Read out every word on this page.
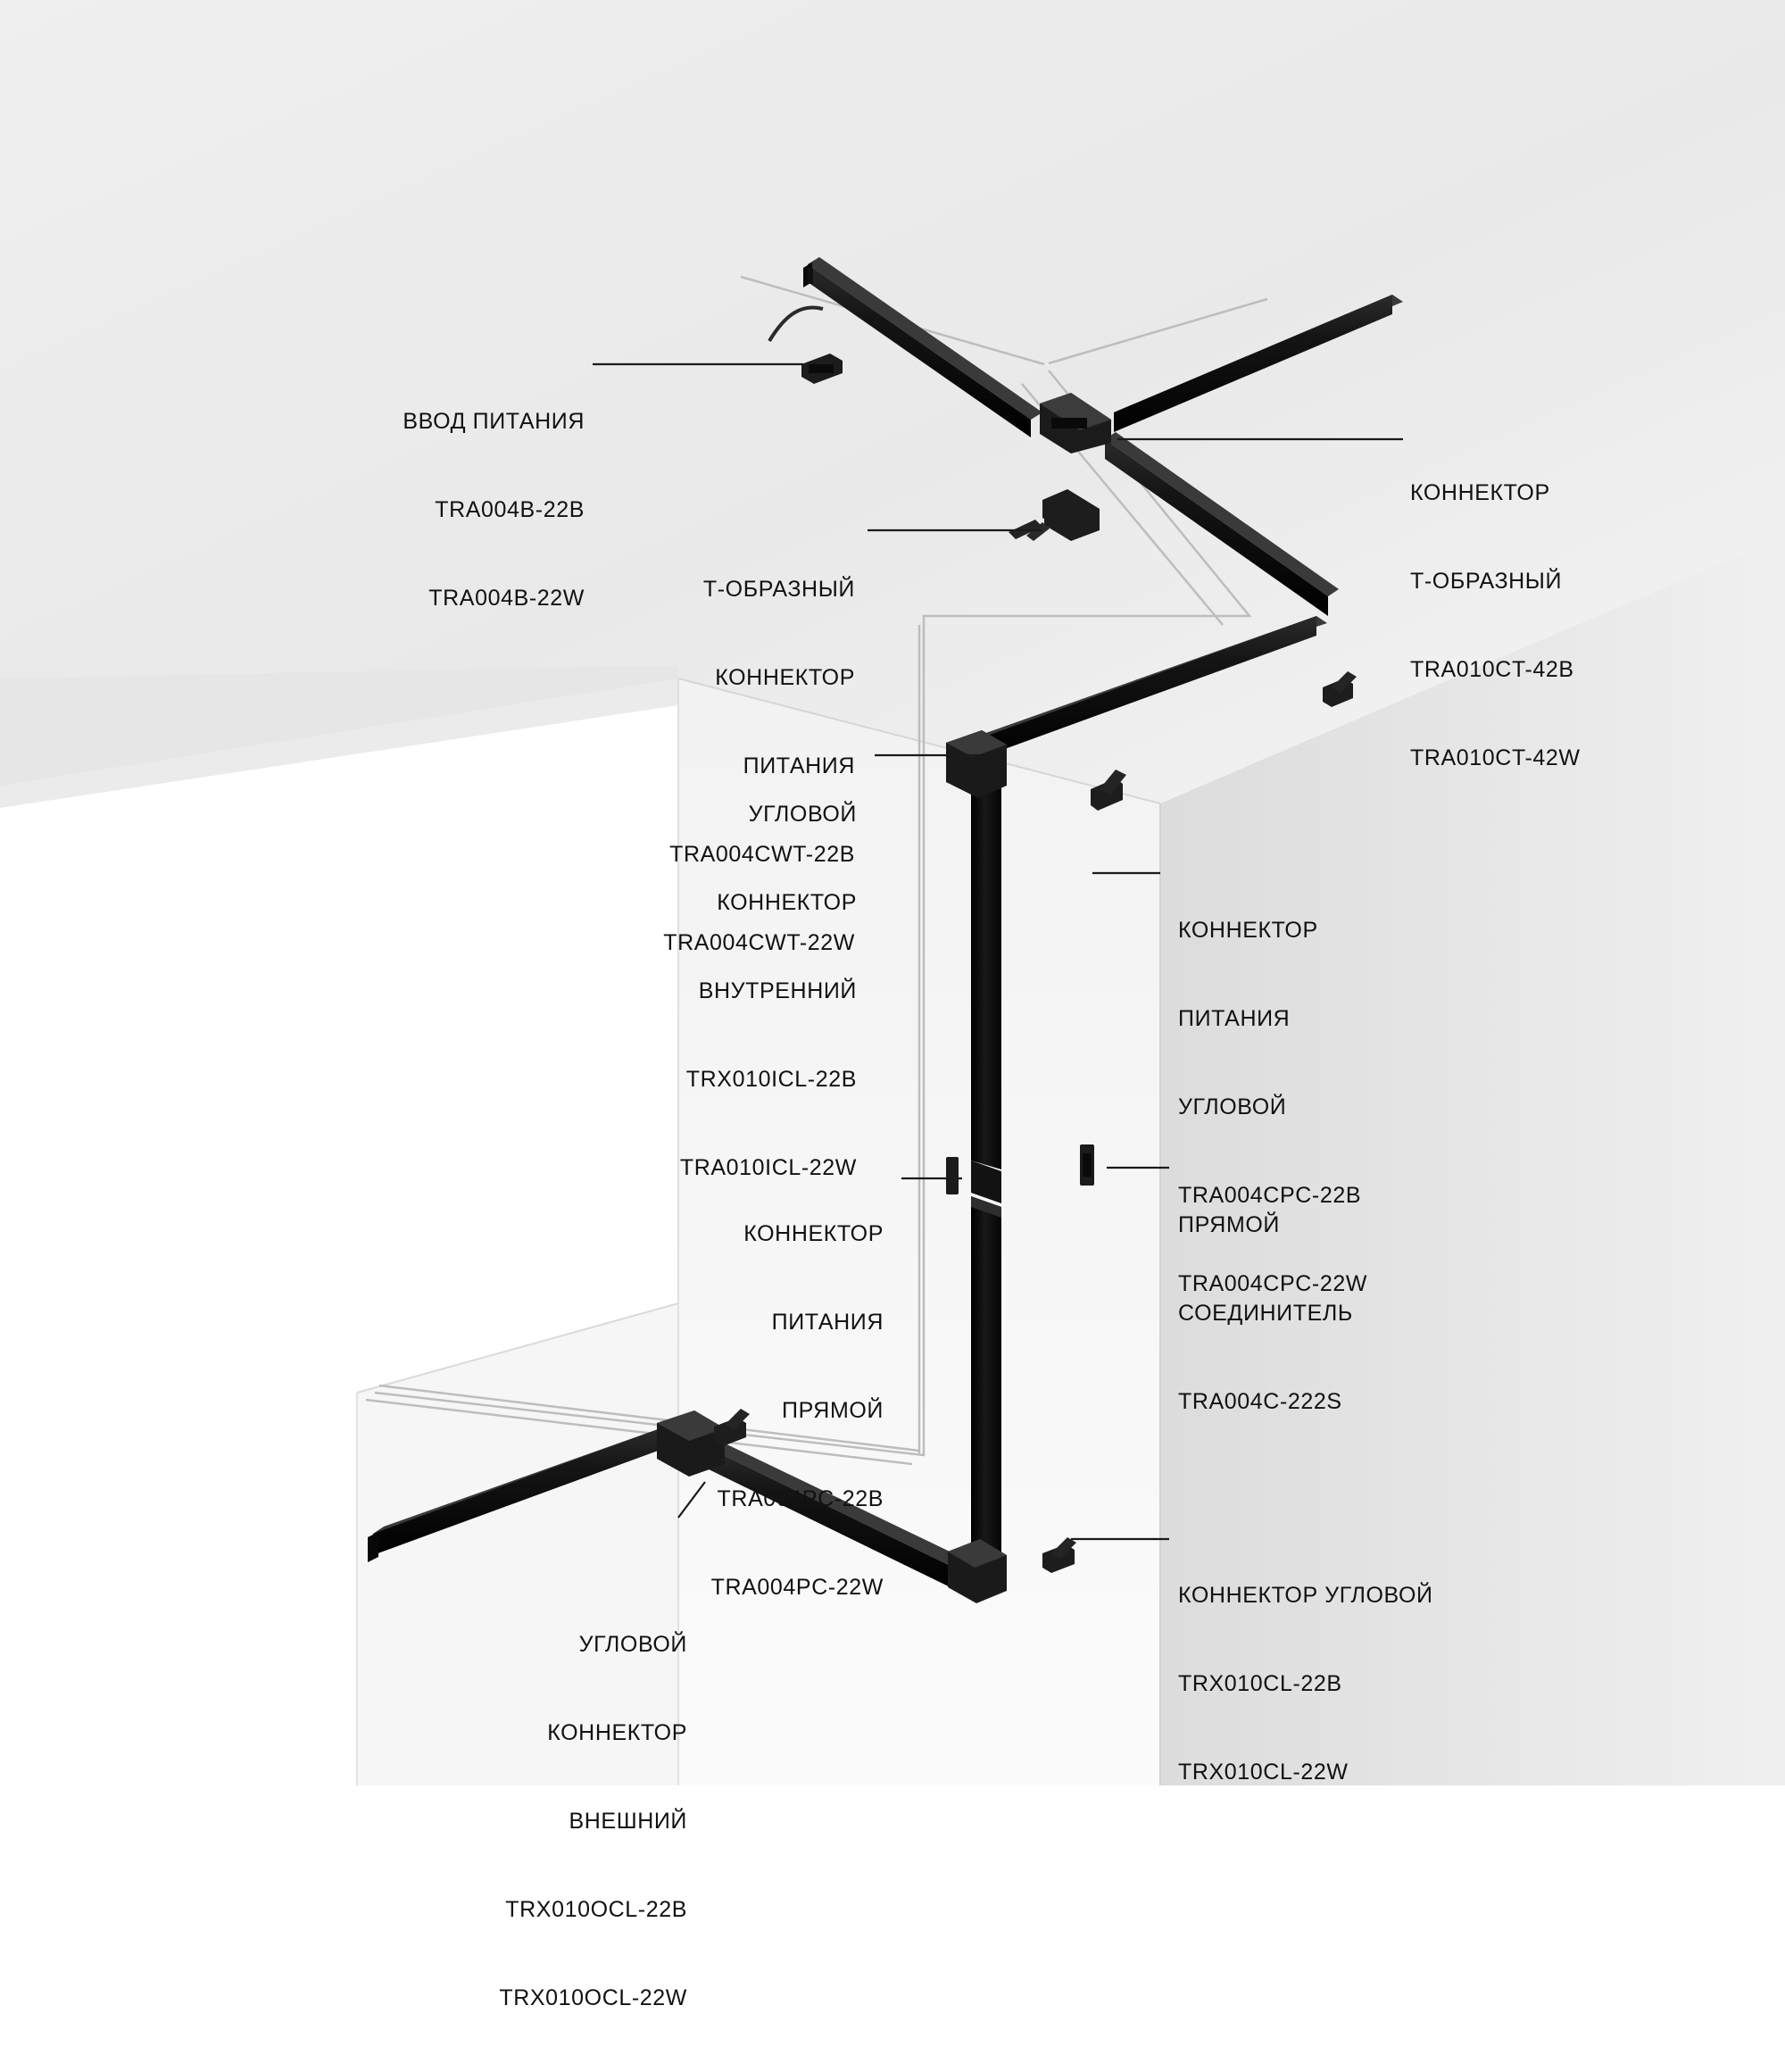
ВВОД ПИТАНИЯ

TRA004B-22B

TRA004B-22W

КОННЕКТОР

Т-ОБРАЗНЫЙ

TRA010CT-42B

TRA010CT-42W

Т-ОБРАЗНЫЙ

КОННЕКТОР

ПИТАНИЯ

TRA004CWT-22B

TRA004CWT-22W

УГЛОВОЙ

КОННЕКТОР

ВНУТРЕННИЙ

TRX010ICL-22B

TRA010ICL-22W

КОННЕКТОР

ПИТАНИЯ

УГЛОВОЙ

TRA004CPC-22B

TRA004CPC-22W

ПРЯМОЙ

СОЕДИНИТЕЛЬ

TRA004C-222S

КОННЕКТОР

ПИТАНИЯ

ПРЯМОЙ

TRA004PC-22B

TRA004PC-22W

	КОННЕКТОР УГЛОВОЙ

TRX010CL-22B

TRX010CL-22W

УГЛОВОЙ

КОННЕКТОР

ВНЕШНИЙ

TRX010OCL-22B

TRX010OCL-22W
